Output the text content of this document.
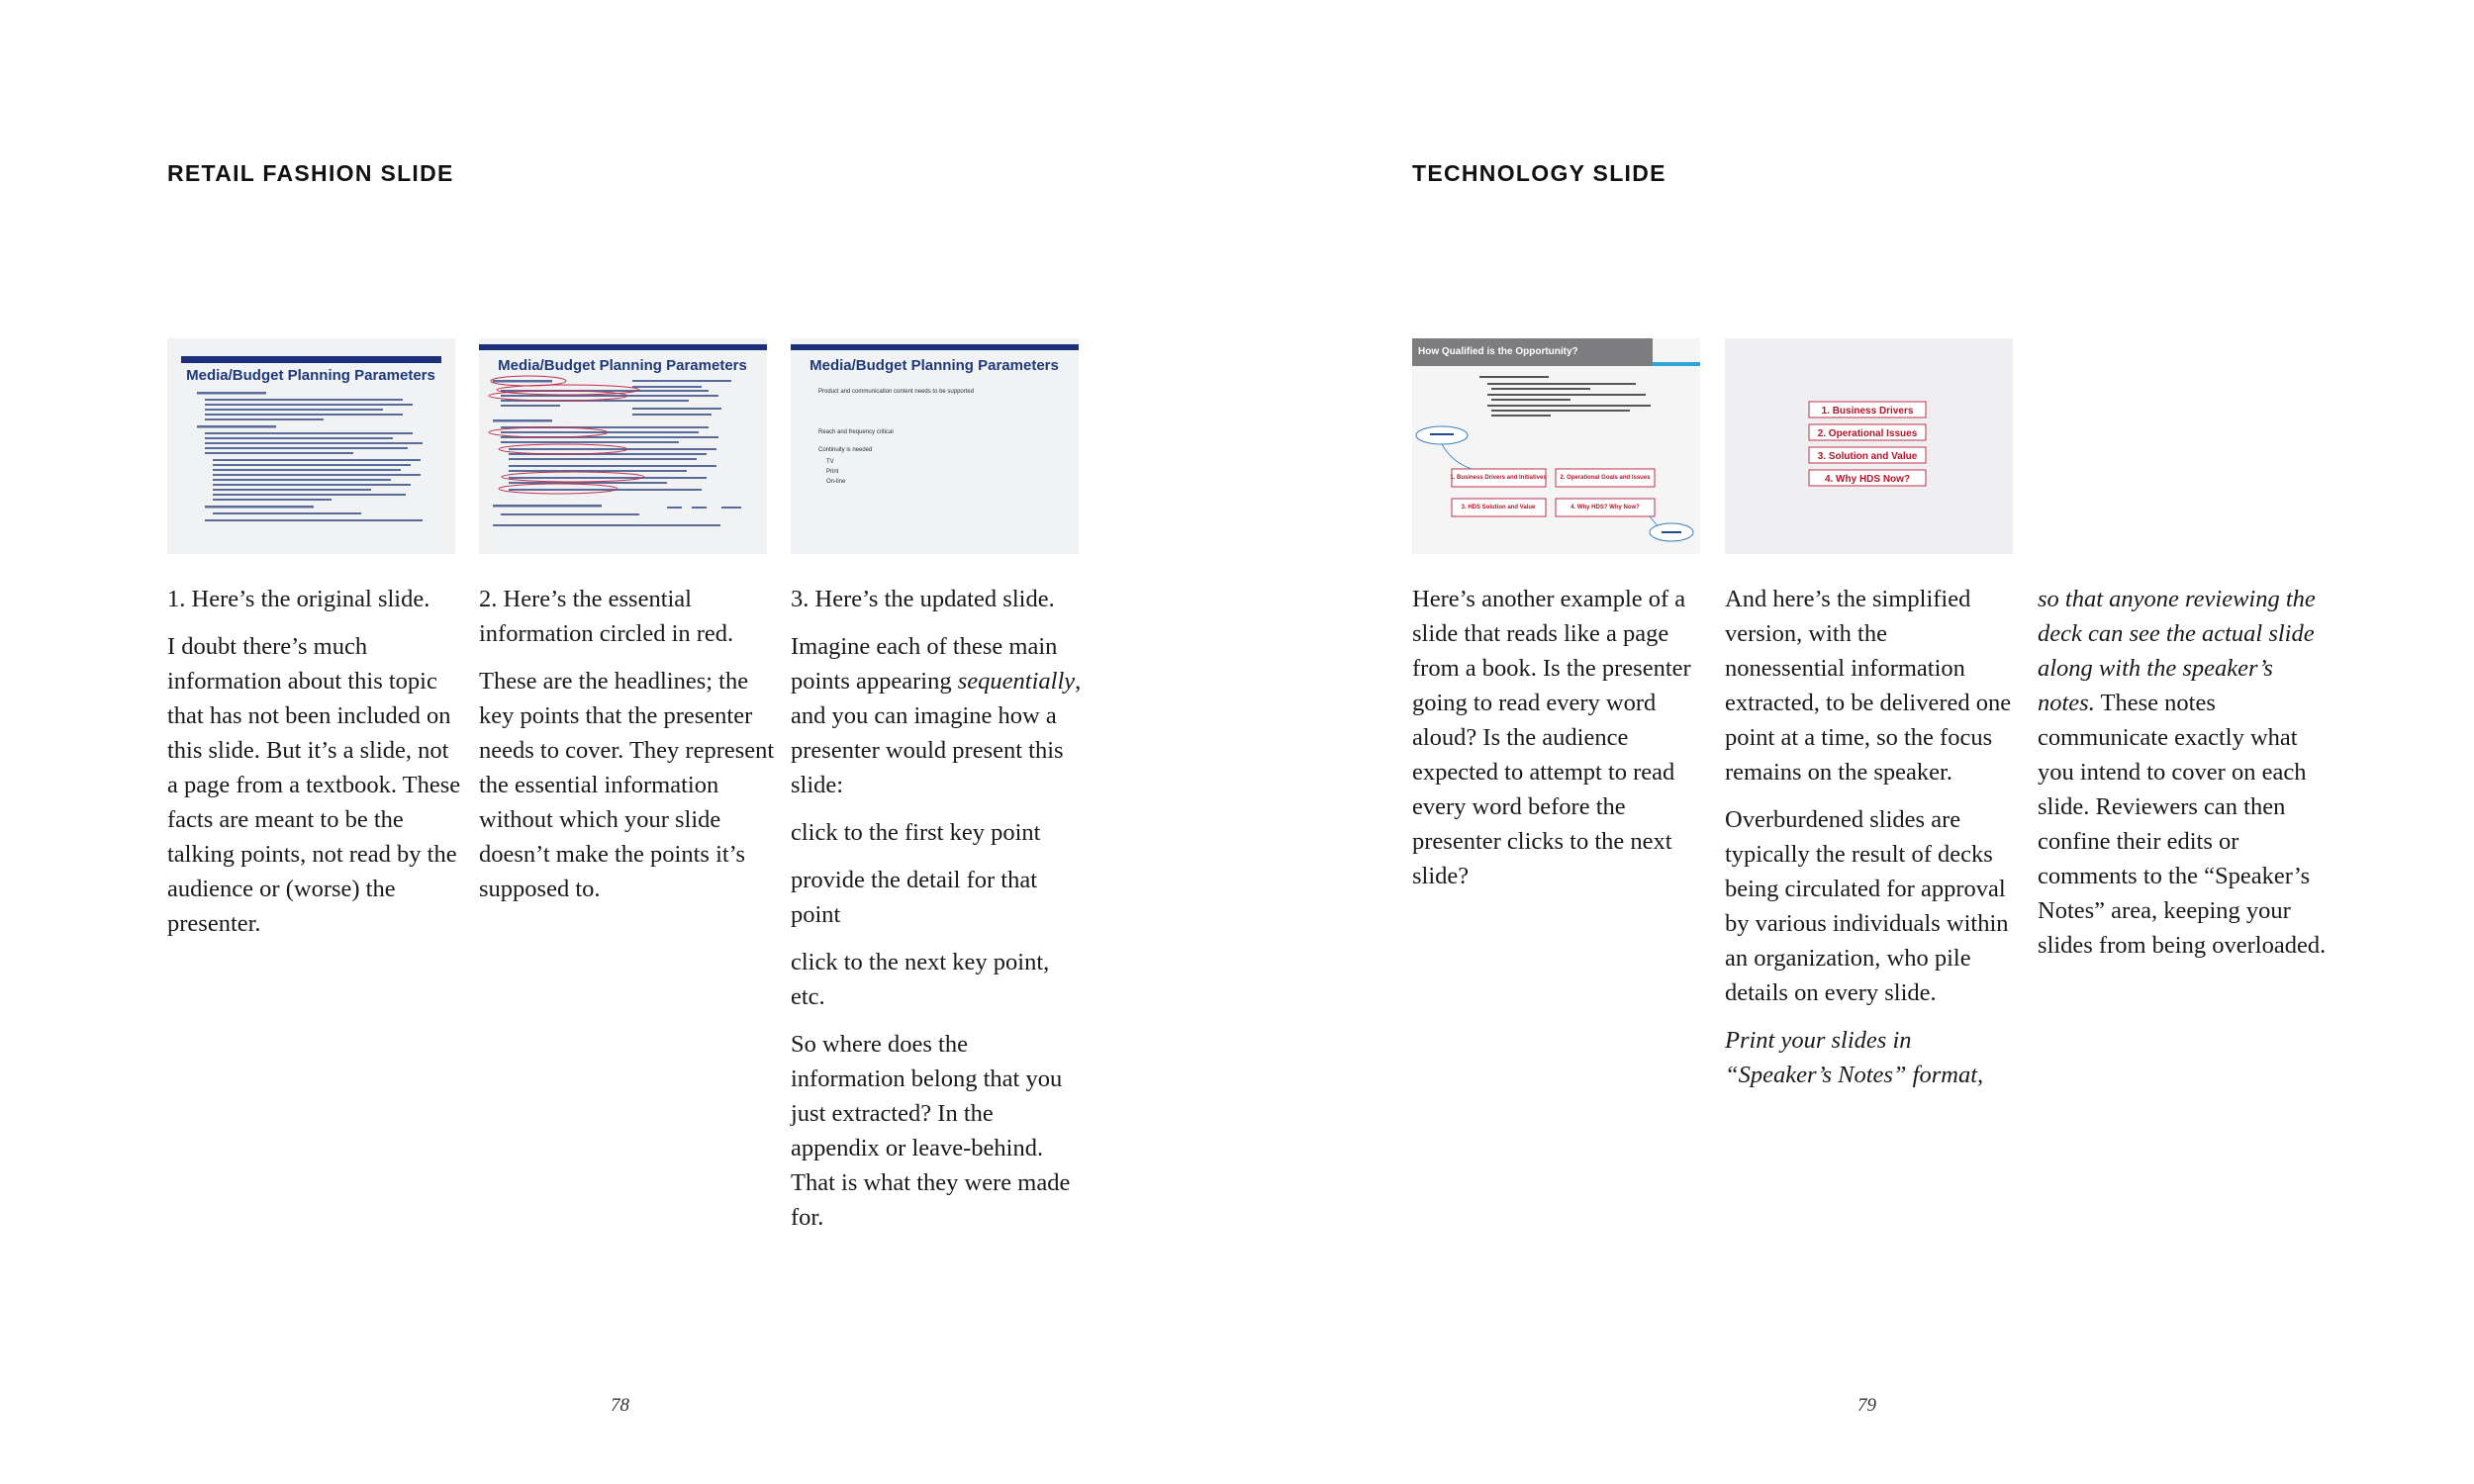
RETAIL FASHION SLIDE
Media/Budget Planning Parameters
Media/Budget Planning Parameters	Media/Budget Planning Parameters
Product and communication content needs to be supported
Reach and frequency critical
Continuity is needed
TV
Print
On-line

1. Here’s the original slide.

I doubt there’s much information about this topic that has not been included on this slide. But it’s a slide, not a page from a textbook. These facts are meant to be the talking points, not read by the audience or (worse) the presenter.

2. Here’s the essential information circled in red.

These are the headlines; the key points that the presenter needs to cover. They represent the essential information without which your slide doesn’t make the points it’s supposed to.

3. Here’s the updated slide.

Imagine each of these main points appearing sequentially, and you can imagine how a presenter would present this slide:

click to the first key point

provide the detail for that point

click to the next key point, etc.

So where does the information belong that you just extracted? In the appendix or leave-behind. That is what they were made for.

78
TECHNOLOGY SLIDE
How Qualified is the Opportunity?
1. Business Drivers and Initiatives 2. Operational Goals and Issues
3. HDS Solution and Value	4. Why HDS? Why Now?
1. Business Drivers
2. Operational Issues
3. Solution and Value
4. Why HDS Now?

Here’s another example of a slide that reads like a page from a book. Is the presenter going to read every word aloud? Is the audience expected to attempt to read every word before the presenter clicks to the next slide?

And here’s the simplified version, with the nonessential information extracted, to be delivered one point at a time, so the focus remains on the speaker.

Overburdened slides are typically the result of decks being circulated for approval by various individuals within an organization, who pile details on every slide.

Print your slides in “Speaker’s Notes” format,

so that anyone reviewing the deck can see the actual slide along with the speaker’s notes. These notes communicate exactly what you intend to cover on each slide. Reviewers can then confine their edits or comments to the “Speaker’s Notes” area, keeping your slides from being overloaded.

79
